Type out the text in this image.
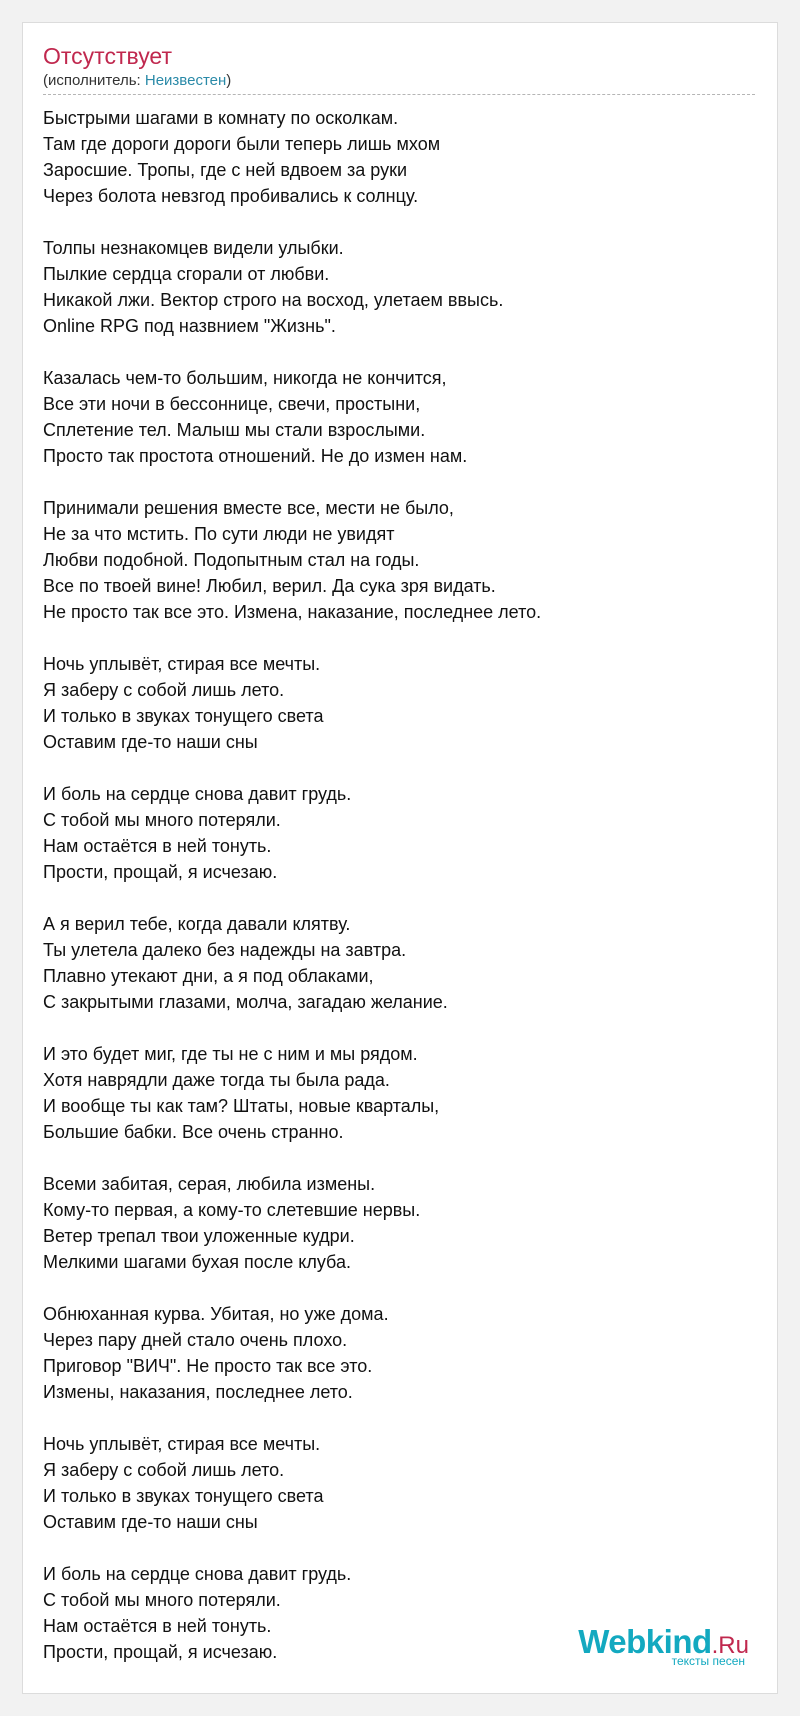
Отсутствует
(исполнитель: Неизвестен)
Быстрыми шагами в комнату по осколкам.
Там где дороги дороги были теперь лишь мхом
Заросшие. Тропы, где с ней вдвоем за руки
Через болота невзгод пробивались к солнцу.
Толпы незнакомцев видели улыбки.
Пылкие сердца сгорали от любви.
Никакой лжи. Вектор строго на восход, улетаем ввысь.
Online RPG под назвнием "Жизнь".
Казалась чем-то большим, никогда не кончится,
Все эти ночи в бессоннице, свечи, простыни,
Сплетение тел. Малыш мы стали взрослыми.
Просто так простота отношений. Не до измен нам.
Принимали решения вместе все, мести не было,
Не за что мстить. По сути люди не увидят
Любви подобной. Подопытным стал на годы.
Все по твоей вине! Любил, верил. Да сука зря видать.
Не просто так все это. Измена, наказание, последнее лето.
Ночь уплывёт, стирая все мечты.
Я заберу с собой лишь лето.
И только в звуках тонущего света
Оставим где-то наши сны
И боль на сердце снова давит грудь.
С тобой мы много потеряли.
Нам остаётся в ней тонуть.
Прости, прощай, я исчезаю.
А я верил тебе, когда давали клятву.
Ты улетела далеко без надежды на завтра.
Плавно утекают дни, а я под облаками,
С закрытыми глазами, молча, загадаю желание.
И это будет миг, где ты не с ним и мы рядом.
Хотя наврядли даже тогда ты была рада.
И вообще ты как там? Штаты, новые кварталы,
Большие бабки. Все очень странно.
Всеми забитая, серая, любила измены.
Кому-то первая, а кому-то слетевшие нервы.
Ветер трепал твои уложенные кудри.
Мелкими шагами бухая после клуба.
Обнюханная курва. Убитая, но уже дома.
Через пару дней стало очень плохо.
Приговор "ВИЧ". Не просто так все это.
Измены, наказания, последнее лето.
Ночь уплывёт, стирая все мечты.
Я заберу с собой лишь лето.
И только в звуках тонущего света
Оставим где-то наши сны
И боль на сердце снова давит грудь.
С тобой мы много потеряли.
Нам остаётся в ней тонуть.
Прости, прощай, я исчезаю.	Webkind.Ru
тексты песен
